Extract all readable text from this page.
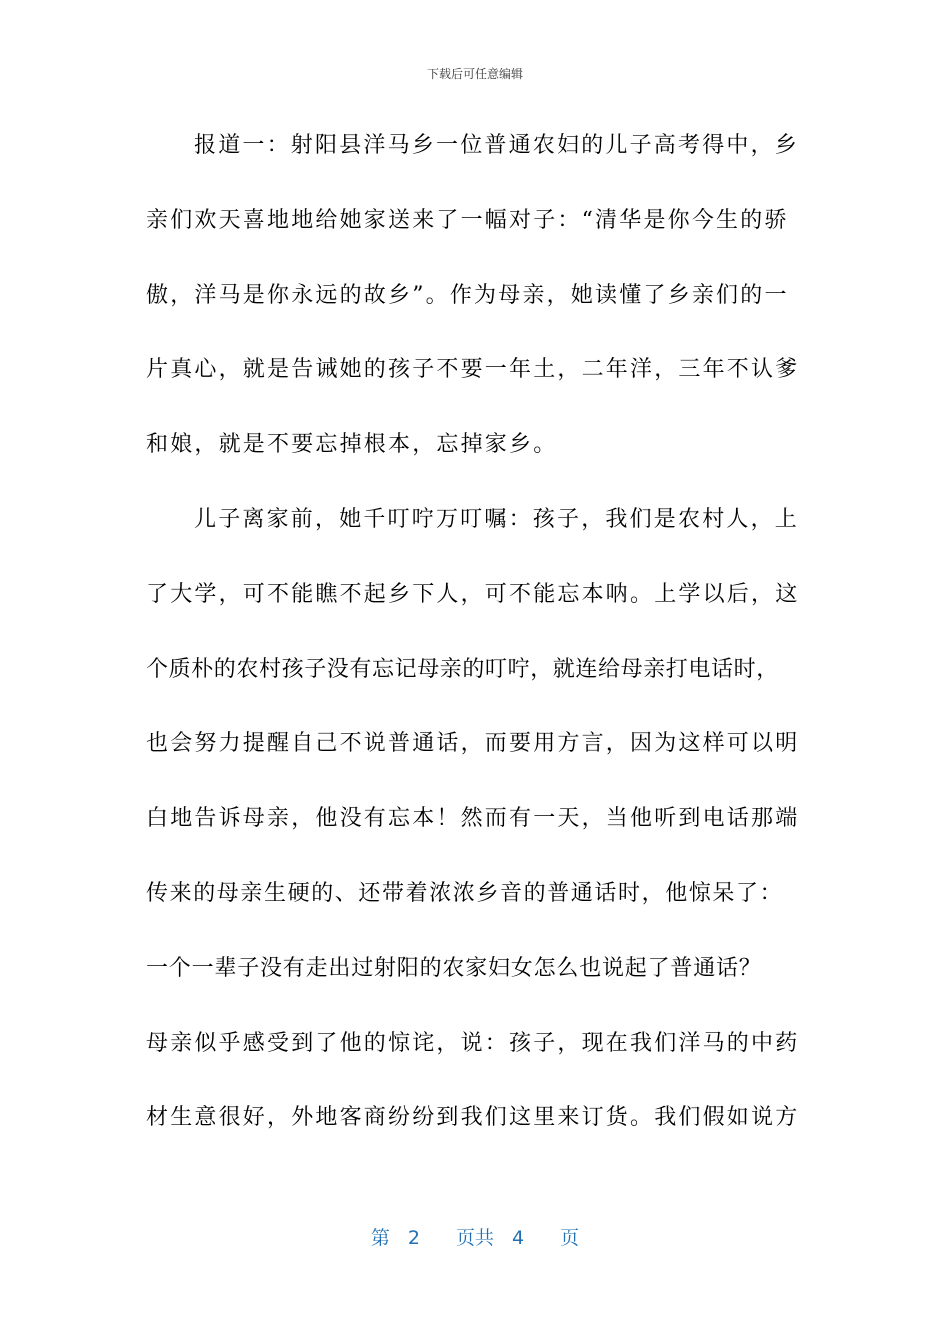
下载后可任意编辑
报道一：射阳县洋马乡一位普通农妇的儿子高考得中，乡
亲们欢天喜地地给她家送来了一幅对子：“清华是你今生的骄
傲，洋马是你永远的故乡”。作为母亲，她读懂了乡亲们的一
片真心，就是告诫她的孩子不要一年土，二年洋，三年不认爹
和娘，就是不要忘掉根本，忘掉家乡。
儿子离家前，她千叮咛万叮嘱：孩子，我们是农村人，上
了大学，可不能瞧不起乡下人，可不能忘本呐。上学以后，这
个质朴的农村孩子没有忘记母亲的叮咛，就连给母亲打电话时，
也会努力提醒自己不说普通话，而要用方言，因为这样可以明
白地告诉母亲，他没有忘本！然而有一天，当他听到电话那端
传来的母亲生硬的、还带着浓浓乡音的普通话时，他惊呆了：
一个一辈子没有走出过射阳的农家妇女怎么也说起了普通话？
母亲似乎感受到了他的惊诧，说：孩子，现在我们洋马的中药
材生意很好，外地客商纷纷到我们这里来订货。我们假如说方
第 2 页共 4 页
